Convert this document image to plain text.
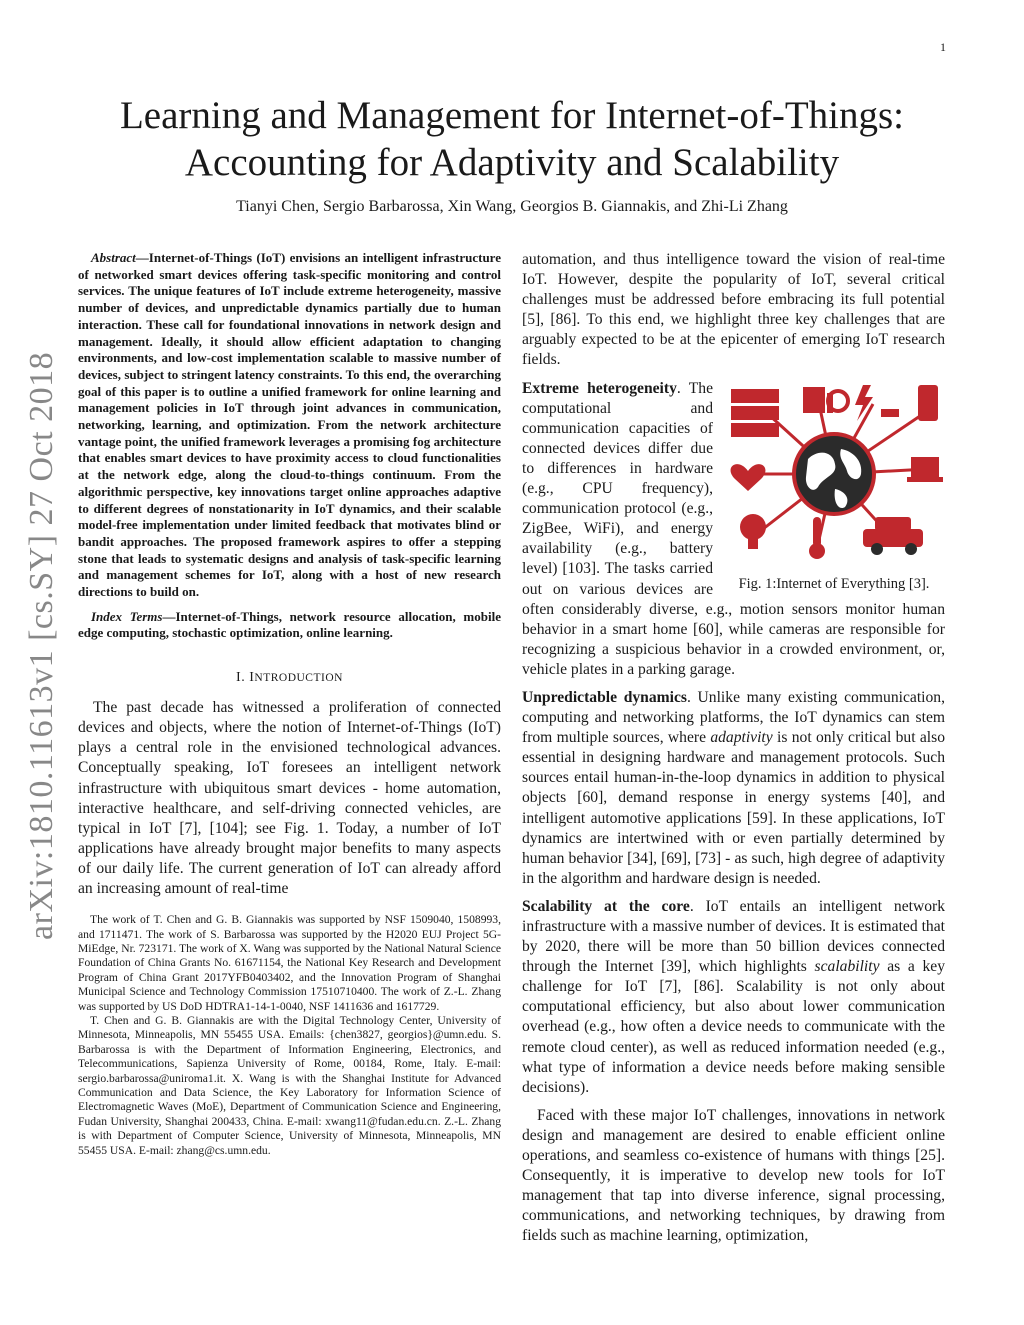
1
arXiv:1810.11613v1 [cs.SY] 27 Oct 2018
Learning and Management for Internet-of-Things:
Accounting for Adaptivity and Scalability
Tianyi Chen, Sergio Barbarossa, Xin Wang, Georgios B. Giannakis, and Zhi-Li Zhang

Abstract—Internet-of-Things (IoT) envisions an intelligent infrastructure of networked smart devices offering task-specific monitoring and control services. The unique features of IoT include extreme heterogeneity, massive number of devices, and unpredictable dynamics partially due to human interaction. These call for foundational innovations in network design and management. Ideally, it should allow efficient adaptation to changing environments, and low-cost implementation scalable to massive number of devices, subject to stringent latency constraints. To this end, the overarching goal of this paper is to outline a unified framework for online learning and management policies in IoT through joint advances in communication, networking, learning, and optimization. From the network architecture vantage point, the unified framework leverages a promising fog architecture that enables smart devices to have proximity access to cloud functionalities at the network edge, along the cloud-to-things continuum. From the algorithmic perspective, key innovations target online approaches adaptive to different degrees of nonstationarity in IoT dynamics, and their scalable model-free implementation under limited feedback that motivates blind or bandit approaches. The proposed framework aspires to offer a stepping stone that leads to systematic designs and analysis of task-specific learning and management schemes for IoT, along with a host of new research directions to build on.

Index Terms—Internet-of-Things, network resource allocation, mobile edge computing, stochastic optimization, online learning.

I. INTRODUCTION

The past decade has witnessed a proliferation of connected devices and objects, where the notion of Internet-of-Things (IoT) plays a central role in the envisioned technological advances. Conceptually speaking, IoT foresees an intelligent network infrastructure with ubiquitous smart devices - home automation, interactive healthcare, and self-driving connected vehicles, are typical in IoT [7], [104]; see Fig. 1. Today, a number of IoT applications have already brought major benefits to many aspects of our daily life. The current generation of IoT can already afford an increasing amount of real-time

The work of T. Chen and G. B. Giannakis was supported by NSF 1509040, 1508993, and 1711471. The work of S. Barbarossa was supported by the H2020 EUJ Project 5G-MiEdge, Nr. 723171. The work of X. Wang was supported by the National Natural Science Foundation of China Grants No. 61671154, the National Key Research and Development Program of China Grant 2017YFB0403402, and the Innovation Program of Shanghai Municipal Science and Technology Commission 17510710400. The work of Z.-L. Zhang was supported by US DoD HDTRA1-14-1-0040, NSF 1411636 and 1617729.

T. Chen and G. B. Giannakis are with the Digital Technology Center, University of Minnesota, Minneapolis, MN 55455 USA. Emails: {chen3827, georgios}@umn.edu. S. Barbarossa is with the Department of Information Engineering, Electronics, and Telecommunications, Sapienza University of Rome, 00184, Rome, Italy. E-mail: sergio.barbarossa@uniroma1.it. X. Wang is with the Shanghai Institute for Advanced Communication and Data Science, the Key Laboratory for Information Science of Electromagnetic Waves (MoE), Department of Communication Science and Engineering, Fudan University, Shanghai 200433, China. E-mail: xwang11@fudan.edu.cn. Z.-L. Zhang is with Department of Computer Science, University of Minnesota, Minneapolis, MN 55455 USA. E-mail: zhang@cs.umn.edu.

automation, and thus intelligence toward the vision of real-time IoT. However, despite the popularity of IoT, several critical challenges must be addressed before embracing its full potential [5], [86]. To this end, we highlight three key challenges that are arguably expected to be at the epicenter of emerging IoT research fields.

Fig. 1:Internet of Everything [3].

Extreme heterogeneity. The computational and communication capacities of connected devices differ due to differences in hardware (e.g., CPU frequency), communication protocol (e.g., ZigBee, WiFi), and energy availability (e.g., battery level) [103]. The tasks carried out on various devices are often considerably diverse, e.g., motion sensors monitor human behavior in a smart home [60], while cameras are responsible for recognizing a suspicious behavior in a crowded environment, or, vehicle plates in a parking garage.

Unpredictable dynamics. Unlike many existing communication, computing and networking platforms, the IoT dynamics can stem from multiple sources, where adaptivity is not only critical but also essential in designing hardware and management protocols. Such sources entail human-in-the-loop dynamics in addition to physical objects [60], demand response in energy systems [40], and intelligent automotive applications [59]. In these applications, IoT dynamics are intertwined with or even partially determined by human behavior [34], [69], [73] - as such, high degree of adaptivity in the algorithm and hardware design is needed.

Scalability at the core. IoT entails an intelligent network infrastructure with a massive number of devices. It is estimated that by 2020, there will be more than 50 billion devices connected through the Internet [39], which highlights scalability as a key challenge for IoT [7], [86]. Scalability is not only about computational efficiency, but also about lower communication overhead (e.g., how often a device needs to communicate with the remote cloud center), as well as reduced information needed (e.g., what type of information a device needs before making sensible decisions).

Faced with these major IoT challenges, innovations in network design and management are desired to enable efficient online operations, and seamless co-existence of humans with things [25]. Consequently, it is imperative to develop new tools for IoT management that tap into diverse inference, signal processing, communications, and networking techniques, by drawing from fields such as machine learning, optimization,
